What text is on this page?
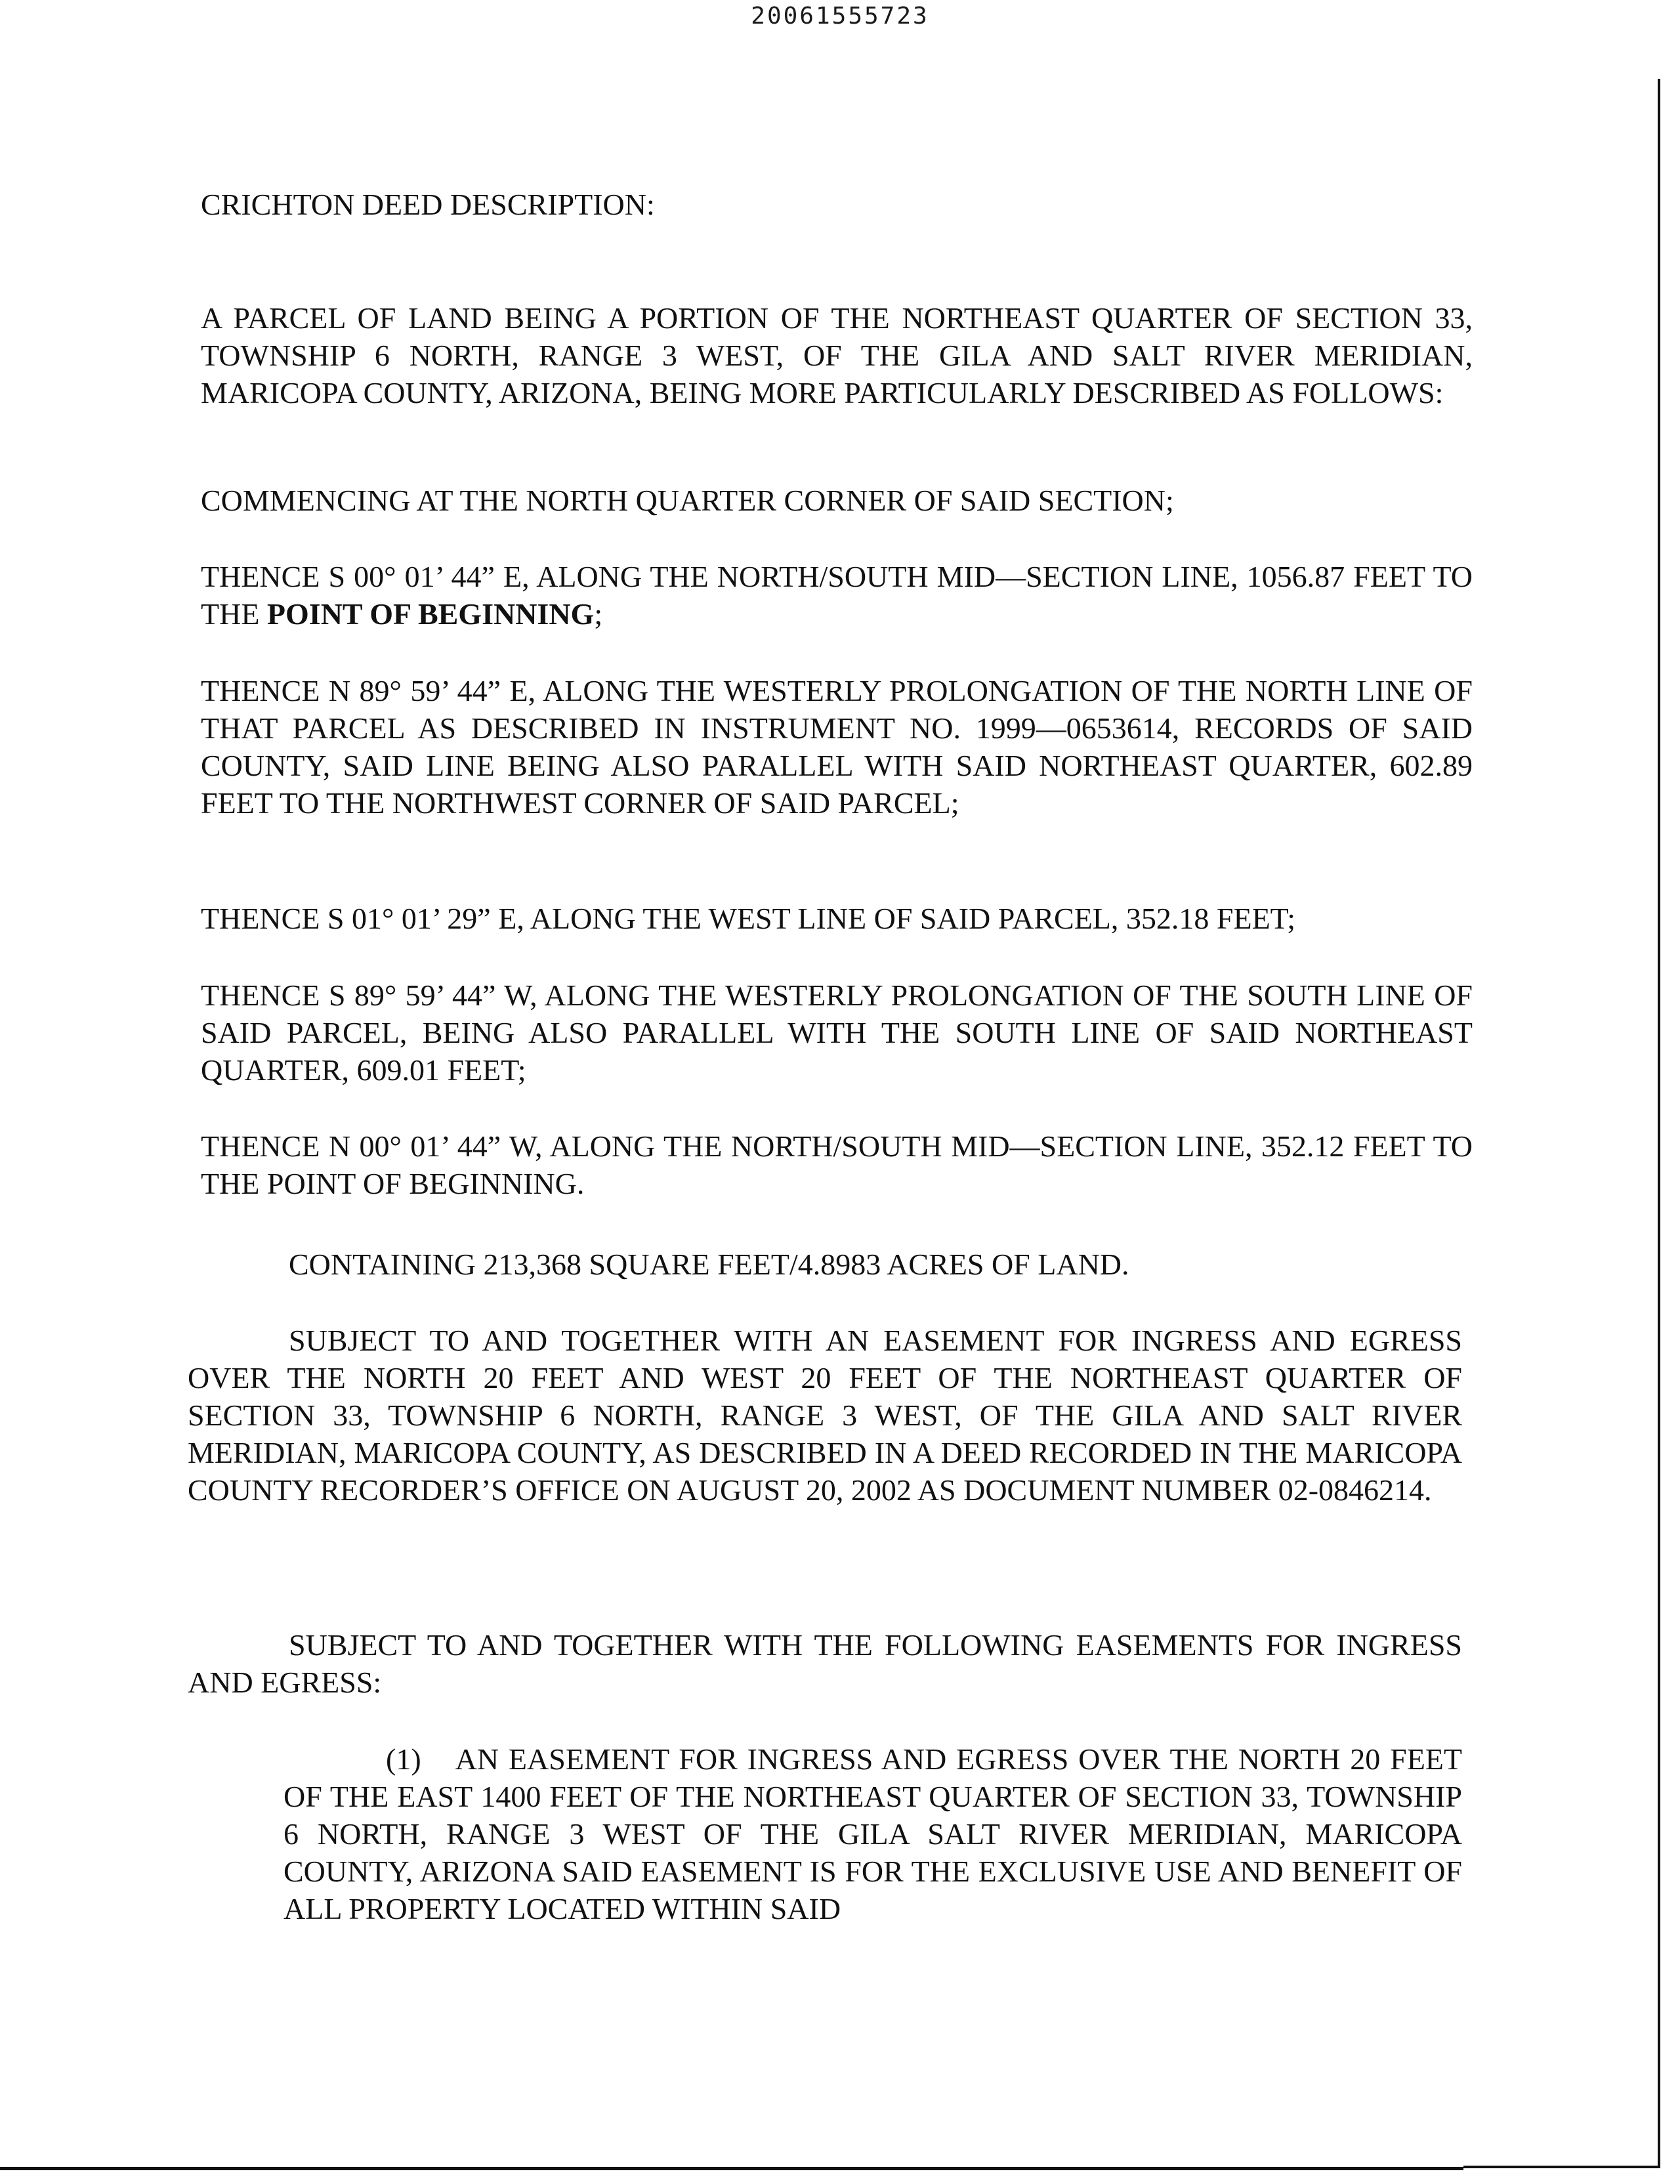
20061555723
CRICHTON DEED DESCRIPTION:

A PARCEL OF LAND BEING A PORTION OF THE NORTHEAST QUARTER OF SECTION 33, TOWNSHIP 6 NORTH, RANGE 3 WEST, OF THE GILA AND SALT RIVER MERIDIAN, MARICOPA COUNTY, ARIZONA, BEING MORE PARTICULARLY DESCRIBED AS FOLLOWS:

COMMENCING AT THE NORTH QUARTER CORNER OF SAID SECTION;

THENCE S 00° 01’ 44” E, ALONG THE NORTH/SOUTH MID—SECTION LINE, 1056.87 FEET TO THE POINT OF BEGINNING;

THENCE N 89° 59’ 44” E, ALONG THE WESTERLY PROLONGATION OF THE NORTH LINE OF THAT PARCEL AS DESCRIBED IN INSTRUMENT NO. 1999—0653614, RECORDS OF SAID COUNTY, SAID LINE BEING ALSO PARALLEL WITH SAID NORTHEAST QUARTER, 602.89 FEET TO THE NORTHWEST CORNER OF SAID PARCEL;

THENCE S 01° 01’ 29” E, ALONG THE WEST LINE OF SAID PARCEL, 352.18 FEET;

THENCE S 89° 59’ 44” W, ALONG THE WESTERLY PROLONGATION OF THE SOUTH LINE OF SAID PARCEL, BEING ALSO PARALLEL WITH THE SOUTH LINE OF SAID NORTHEAST QUARTER, 609.01 FEET;

THENCE N 00° 01’ 44” W, ALONG THE NORTH/SOUTH MID—SECTION LINE, 352.12 FEET TO THE POINT OF BEGINNING.

CONTAINING 213,368 SQUARE FEET/4.8983 ACRES OF LAND.

SUBJECT TO AND TOGETHER WITH AN EASEMENT FOR INGRESS AND EGRESS OVER THE NORTH 20 FEET AND WEST 20 FEET OF THE NORTHEAST QUARTER OF SECTION 33, TOWNSHIP 6 NORTH, RANGE 3 WEST, OF THE GILA AND SALT RIVER MERIDIAN, MARICOPA COUNTY, AS DESCRIBED IN A DEED RECORDED IN THE MARICOPA COUNTY RECORDER’S OFFICE ON AUGUST 20, 2002 AS DOCUMENT NUMBER 02-0846214.

SUBJECT TO AND TOGETHER WITH THE FOLLOWING EASEMENTS FOR INGRESS AND EGRESS:

(1) AN EASEMENT FOR INGRESS AND EGRESS OVER THE NORTH 20 FEET OF THE EAST 1400 FEET OF THE NORTHEAST QUARTER OF SECTION 33, TOWNSHIP 6 NORTH, RANGE 3 WEST OF THE GILA SALT RIVER MERIDIAN, MARICOPA COUNTY, ARIZONA SAID EASEMENT IS FOR THE EXCLUSIVE USE AND BENEFIT OF ALL PROPERTY LOCATED WITHIN SAID
